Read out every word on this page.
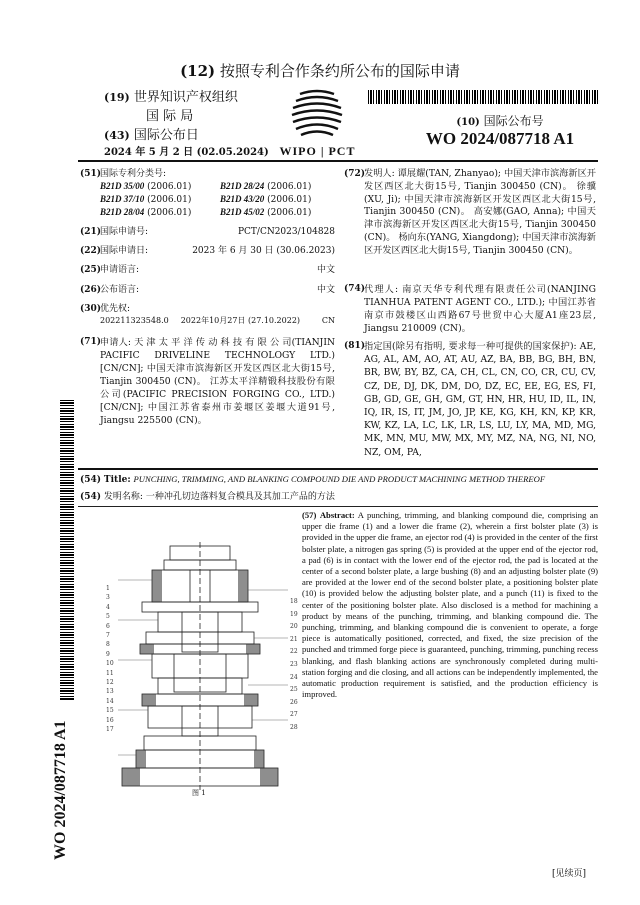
(12) 按照专利合作条约所公布的国际申请
(19) 世界知识产权组织
国 际 局
(43) 国际公布日
2024 年 5 月 2 日 (02.05.2024) WIPO | PCT
(10) 国际公布号
WO 2024/087718 A1
(51)国际专利分类号:
B21D 35/00 (2006.01)	B21D 28/24 (2006.01)
B21D 37/10 (2006.01)	B21D 43/20 (2006.01)
B21D 28/04 (2006.01)	B21D 45/02 (2006.01)
(21)
国际申请号:	PCT/CN2023/104828
(22)
国际申请日:	2023 年 6 月 30 日 (30.06.2023)
(25)
申请语言:	中文
(26)
公布语言:	中文
(30)优先权:
202211323548.0 2022年10月27日 (27.10.2022)	CN
(71)
申请人: 天 津 太 平 洋 传 动 科 技 有 限 公 司(TIANJIN PACIFIC DRIVELINE TECHNOLOGY LTD.) [CN/CN]; 中国天津市滨海新区开发区西区北大街15号, Tianjin 300450 (CN)。 江苏太平洋精锻科技股份有限公司(PACIFIC PRECISION FORGING CO., LTD.) [CN/CN]; 中国江苏省泰州市姜堰区姜堰大道91号, Jiangsu 225500 (CN)。
(72)
发明人: 谭展耀(TAN, Zhanyao); 中国天津市滨海新区开发区西区北大街15号, Tianjin 300450 (CN)。 徐骥(XU, Ji); 中国天津市滨海新区开发区西区北大街15号, Tianjin 300450 (CN)。 高安娜(GAO, Anna); 中国天津市滨海新区开发区西区北大街15号, Tianjin 300450 (CN)。 杨向东(YANG, Xiangdong); 中国天津市滨海新区开发区西区北大街15号, Tianjin 300450 (CN)。
(74)
代理人: 南京天华专利代理有限责任公司(NANJING TIANHUA PATENT AGENT CO., LTD.); 中国江苏省南京市鼓楼区山西路67号世贸中心大厦A1座23层, Jiangsu 210009 (CN)。
(81)
指定国(除另有指明, 要求每一种可提供的国家保护): AE, AG, AL, AM, AO, AT, AU, AZ, BA, BB, BG, BH, BN, BR, BW, BY, BZ, CA, CH, CL, CN, CO, CR, CU, CV, CZ, DE, DJ, DK, DM, DO, DZ, EC, EE, EG, ES, FI, GB, GD, GE, GH, GM, GT, HN, HR, HU, ID, IL, IN, IQ, IR, IS, IT, JM, JO, JP, KE, KG, KH, KN, KP, KR, KW, KZ, LA, LC, LK, LR, LS, LU, LY, MA, MD, MG, MK, MN, MU, MW, MX, MY, MZ, NA, NG, NI, NO, NZ, OM, PA,
(54) Title: PUNCHING, TRIMMING, AND BLANKING COMPOUND DIE AND PRODUCT MACHINING METHOD THEREOF
(54) 发明名称: 一种冲孔切边落料复合模具及其加工产品的方法
图 1
1
3
4
5
6
7
8
9
10
11
12
13
14
15
16
17
18
19
20
21
22
23
24
25
26
27
28
(57) Abstract: A punching, trimming, and blanking compound die, comprising an upper die frame (1) and a lower die frame (2), wherein a first bolster plate (3) is provided in the upper die frame, an ejector rod (4) is provided in the center of the first bolster plate, a nitrogen gas spring (5) is provided at the upper end of the ejector rod, a pad (6) is in contact with the lower end of the ejector rod, the pad is located at the center of a second bolster plate, a large bushing (8) and an adjusting bolster plate (9) are provided at the lower end of the second bolster plate, a positioning bolster plate (10) is provided below the adjusting bolster plate, and a punch (11) is fixed to the center of the positioning bolster plate. Also disclosed is a method for machining a product by means of the punching, trimming, and blanking compound die. The punching, trimming, and blanking compound die is convenient to operate, a forge piece is automatically positioned, corrected, and fixed, the size precision of the punched and trimmed forge piece is guaranteed, punching, trimming, punching recess blanking, and flash blanking actions are synchronously completed during multi-station forging and die closing, and all actions can be independently implemented, the automatic production requirement is satisfied, and the production efficiency is improved.
WO 2024/087718 A1
[见续页]
